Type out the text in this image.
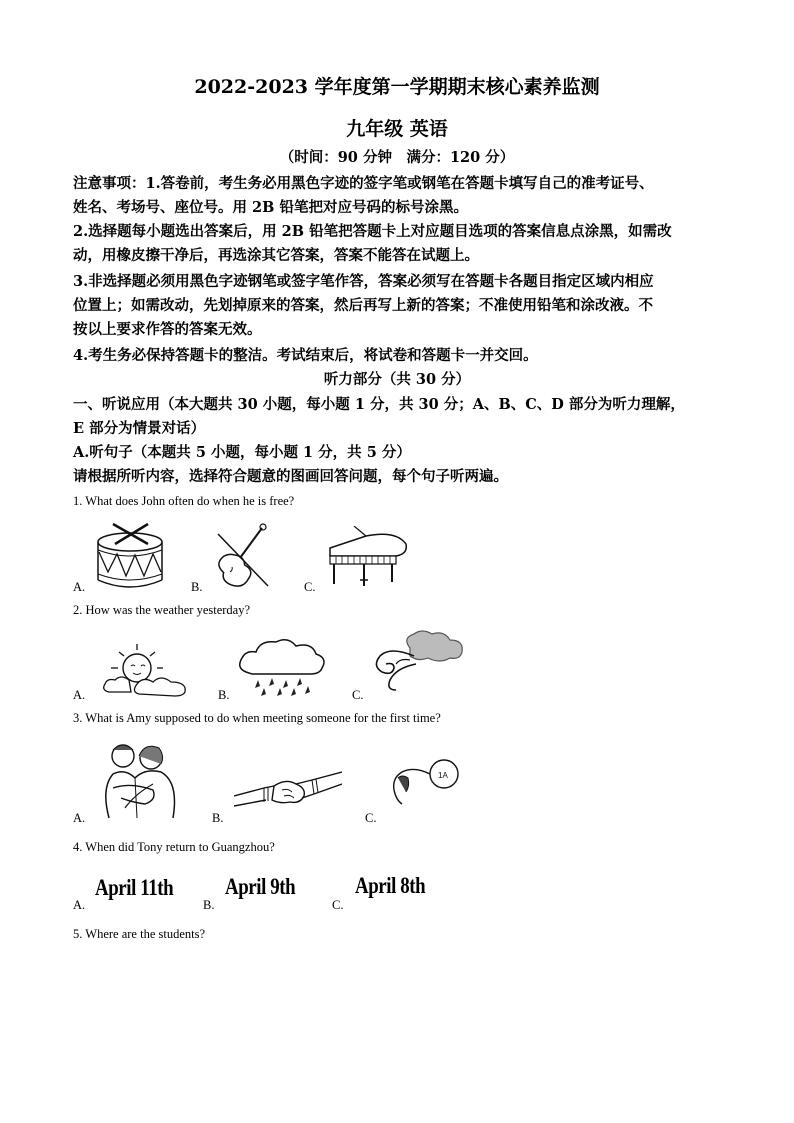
2022-2023 学年度第一学期期末核心素养监测
九年级 英语
（时间：90 分钟　满分：120 分）
注意事项：1.答卷前，考生务必用黑色字迹的签字笔或钢笔在答题卡填写自己的准考证号、
姓名、考场号、座位号。用 2B 铅笔把对应号码的标号涂黑。
2.选择题每小题选出答案后，用 2B 铅笔把答题卡上对应题目选项的答案信息点涂黑，如需改
动，用橡皮擦干净后，再选涂其它答案，答案不能答在试题上。
3.非选择题必须用黑色字迹钢笔或签字笔作答，答案必须写在答题卡各题目指定区域内相应
位置上；如需改动，先划掉原来的答案，然后再写上新的答案；不准使用铅笔和涂改液。不
按以上要求作答的答案无效。
4.考生务必保持答题卡的整洁。考试结束后，将试卷和答题卡一并交回。
听力部分（共 30 分）
一、听说应用（本大题共 30 小题，每小题 1 分，共 30 分；A、B、C、D 部分为听力理解，
E 部分为情景对话）
A.听句子（本题共 5 小题，每小题 1 分，共 5 分）
请根据所听内容，选择符合题意的图画回答问题，每个句子听两遍。
1. What does John often do when he is free?
A.	B.	C.
2. How was the weather yesterday?
A.	B.	C.
3. What is Amy supposed to do when meeting someone for the first time?
A.	B.
1A
C.
4. When did Tony return to Guangzhou?
A.
April 11th
B.
April 9th
C.
April 8th
5. Where are the students?
